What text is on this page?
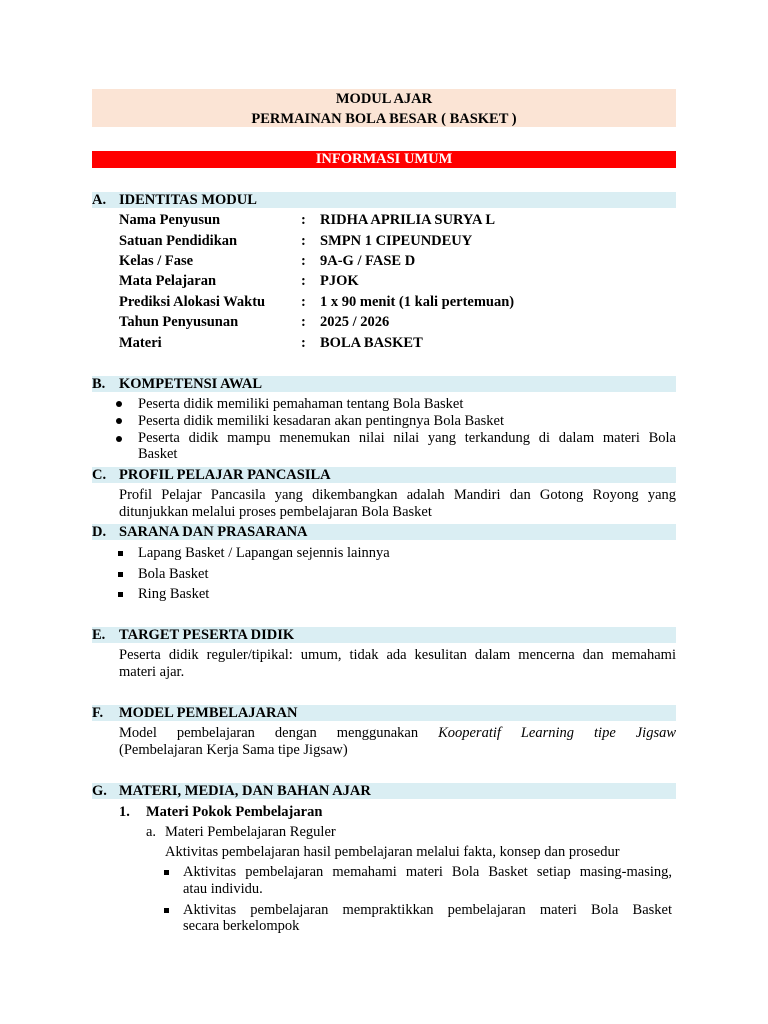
MODUL AJAR
PERMAINAN BOLA BESAR ( BASKET )
INFORMASI UMUM
A. IDENTITAS MODUL
Nama Penyusun	: RIDHA APRILIA SURYA L
Satuan Pendidikan	: SMPN 1 CIPEUNDEUY
Kelas / Fase	: 9A-G / FASE D
Mata Pelajaran	: PJOK
Prediksi Alokasi Waktu : 1 x 90 menit (1 kali pertemuan)
Tahun Penyusunan	: 2025 / 2026
Materi	: BOLA BASKET
B. KOMPETENSI AWAL
Peserta didik memiliki pemahaman tentang Bola Basket
Peserta didik memiliki kesadaran akan pentingnya Bola Basket
Peserta didik mampu menemukan nilai nilai yang terkandung di dalam materi Bola
Basket
C. PROFIL PELAJAR PANCASILA
Profil Pelajar Pancasila yang dikembangkan adalah Mandiri dan Gotong Royong yang
ditunjukkan melalui proses pembelajaran Bola Basket
D. SARANA DAN PRASARANA
Lapang Basket / Lapangan sejennis lainnya
Bola Basket
Ring Basket
E. TARGET PESERTA DIDIK
Peserta didik reguler/tipikal: umum, tidak ada kesulitan dalam mencerna dan memahami
materi ajar.
F. MODEL PEMBELAJARAN
Model pembelajaran dengan menggunakan Kooperatif Learning tipe Jigsaw
(Pembelajaran Kerja Sama tipe Jigsaw)
G. MATERI, MEDIA, DAN BAHAN AJAR
1. Materi Pokok Pembelajaran
a. Materi Pembelajaran Reguler
Aktivitas pembelajaran hasil pembelajaran melalui fakta, konsep dan prosedur
Aktivitas pembelajaran memahami materi Bola Basket setiap masing-masing,
atau individu.
Aktivitas pembelajaran mempraktikkan pembelajaran materi Bola Basket
secara berkelompok
